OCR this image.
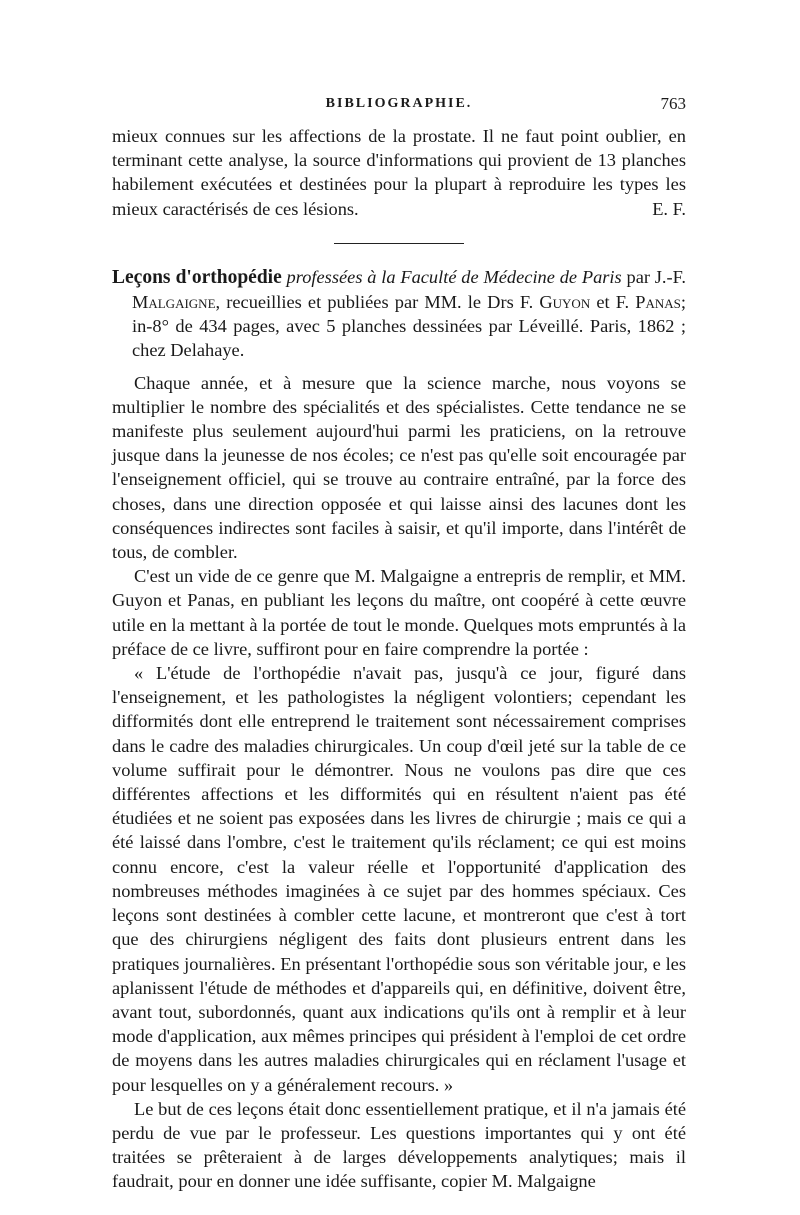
BIBLIOGRAPHIE.	763

mieux connues sur les affections de la prostate. Il ne faut point oublier, en terminant cette analyse, la source d'informations qui provient de 13 planches habilement exécutées et destinées pour la plupart à reproduire les types les mieux caractérisés de ces lésions.	E. F.

Leçons d'orthopédie professées à la Faculté de Médecine de Paris par J.-F. Malgaigne, recueillies et publiées par MM. le Drs F. Guyon et F. Panas; in-8° de 434 pages, avec 5 planches dessinées par Léveillé. Paris, 1862 ; chez Delahaye.

Chaque année, et à mesure que la science marche, nous voyons se multiplier le nombre des spécialités et des spécialistes. Cette tendance ne se manifeste plus seulement aujourd'hui parmi les praticiens, on la retrouve jusque dans la jeunesse de nos écoles; ce n'est pas qu'elle soit encouragée par l'enseignement officiel, qui se trouve au contraire entraîné, par la force des choses, dans une direction opposée et qui laisse ainsi des lacunes dont les conséquences indirectes sont faciles à saisir, et qu'il importe, dans l'intérêt de tous, de combler.

C'est un vide de ce genre que M. Malgaigne a entrepris de remplir, et MM. Guyon et Panas, en publiant les leçons du maître, ont coopéré à cette œuvre utile en la mettant à la portée de tout le monde. Quelques mots empruntés à la préface de ce livre, suffiront pour en faire comprendre la portée :

« L'étude de l'orthopédie n'avait pas, jusqu'à ce jour, figuré dans l'enseignement, et les pathologistes la négligent volontiers; cependant les difformités dont elle entreprend le traitement sont nécessairement comprises dans le cadre des maladies chirurgicales. Un coup d'œil jeté sur la table de ce volume suffirait pour le démontrer. Nous ne voulons pas dire que ces différentes affections et les difformités qui en résultent n'aient pas été étudiées et ne soient pas exposées dans les livres de chirurgie ; mais ce qui a été laissé dans l'ombre, c'est le traitement qu'ils réclament; ce qui est moins connu encore, c'est la valeur réelle et l'opportunité d'application des nombreuses méthodes imaginées à ce sujet par des hommes spéciaux. Ces leçons sont destinées à combler cette lacune, et montreront que c'est à tort que des chirurgiens négligent des faits dont plusieurs entrent dans les pratiques journalières. En présentant l'orthopédie sous son véritable jour, e les aplanissent l'étude de méthodes et d'appareils qui, en définitive, doivent être, avant tout, subordonnés, quant aux indications qu'ils ont à remplir et à leur mode d'application, aux mêmes principes qui président à l'emploi de cet ordre de moyens dans les autres maladies chirurgicales qui en réclament l'usage et pour lesquelles on y a généralement recours. »

Le but de ces leçons était donc essentiellement pratique, et il n'a jamais été perdu de vue par le professeur. Les questions importantes qui y ont été traitées se prêteraient à de larges développements analytiques; mais il faudrait, pour en donner une idée suffisante, copier M. Malgaigne
